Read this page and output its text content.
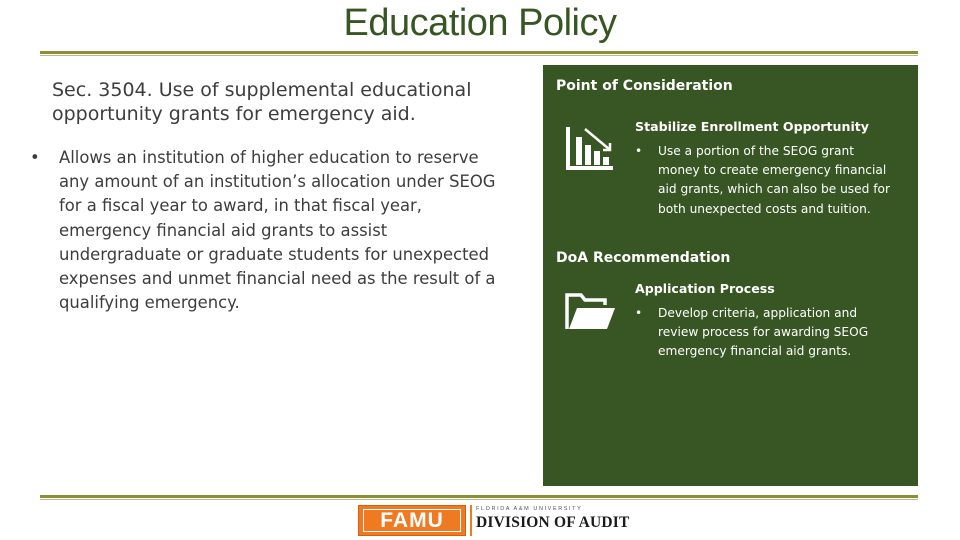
Education Policy
Sec. 3504. Use of supplemental educational opportunity grants for emergency aid.
• Allows an institution of higher education to reserve any amount of an institution’s allocation under SEOG for a fiscal year to award, in that fiscal year, emergency financial aid grants to assist undergraduate or graduate students for unexpected expenses and unmet financial need as the result of a qualifying emergency.
Point of Consideration
Stabilize Enrollment Opportunity
• Use a portion of the SEOG grant money to create emergency financial aid grants, which can also be used for both unexpected costs and tuition.
DoA Recommendation
Application Process
• Develop criteria, application and review process for awarding SEOG emergency financial aid grants.
FAMU	FLORIDA A&M UNIVERSITY
DIVISION OF AUDIT
